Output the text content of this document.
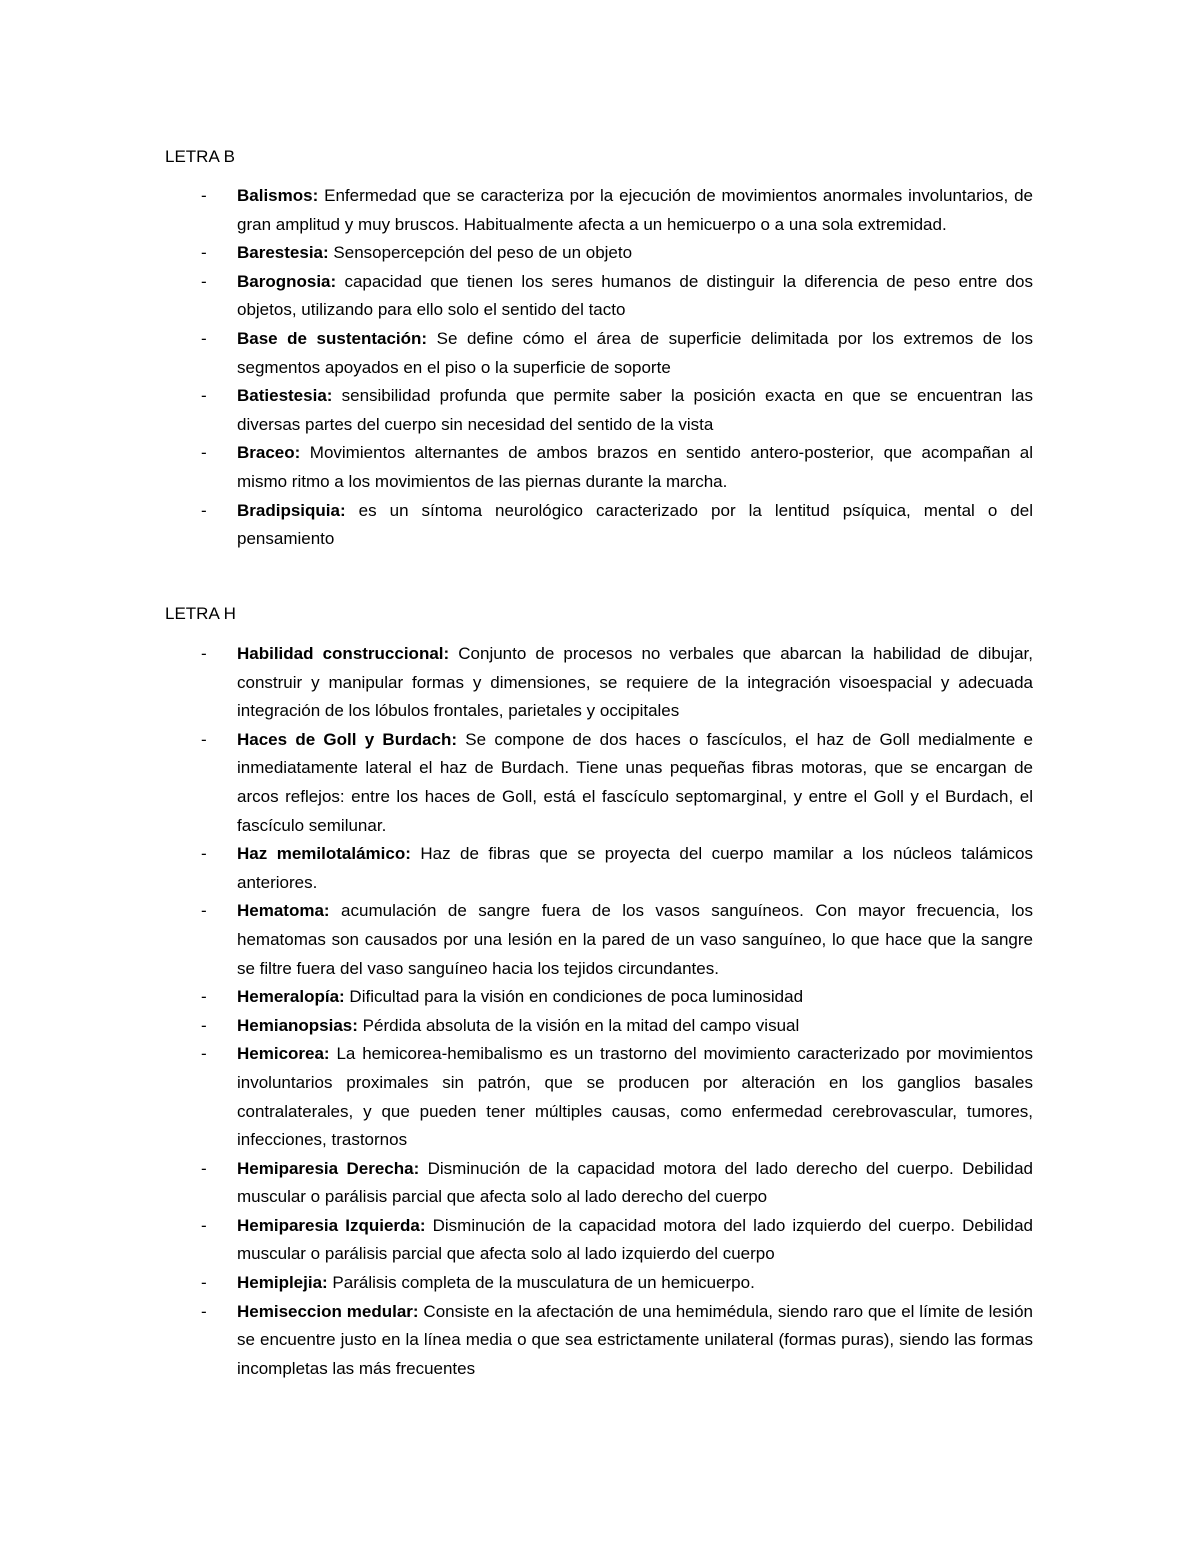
LETRA B
- Balismos: Enfermedad que se caracteriza por la ejecución de movimientos anormales involuntarios, de gran amplitud y muy bruscos. Habitualmente afecta a un hemicuerpo o a una sola extremidad.
- Barestesia: Sensopercepción del peso de un objeto
- Barognosia: capacidad que tienen los seres humanos de distinguir la diferencia de peso entre dos objetos, utilizando para ello solo el sentido del tacto
- Base de sustentación: Se define cómo el área de superficie delimitada por los extremos de los segmentos apoyados en el piso o la superficie de soporte
- Batiestesia: sensibilidad profunda que permite saber la posición exacta en que se encuentran las diversas partes del cuerpo sin necesidad del sentido de la vista
- Braceo: Movimientos alternantes de ambos brazos en sentido antero-posterior, que acompañan al mismo ritmo a los movimientos de las piernas durante la marcha.
- Bradipsiquia: es un síntoma neurológico caracterizado por la lentitud psíquica, mental o del pensamiento
LETRA H
- Habilidad construccional: Conjunto de procesos no verbales que abarcan la habilidad de dibujar, construir y manipular formas y dimensiones, se requiere de la integración visoespacial y adecuada integración de los lóbulos frontales, parietales y occipitales
- Haces de Goll y Burdach: Se compone de dos haces o fascículos, el haz de Goll medialmente e inmediatamente lateral el haz de Burdach. Tiene unas pequeñas fibras motoras, que se encargan de arcos reflejos: entre los haces de Goll, está el fascículo septomarginal, y entre el Goll y el Burdach, el fascículo semilunar.
- Haz memilotalámico: Haz de fibras que se proyecta del cuerpo mamilar a los núcleos talámicos anteriores.
- Hematoma: acumulación de sangre fuera de los vasos sanguíneos. Con mayor frecuencia, los hematomas son causados por una lesión en la pared de un vaso sanguíneo, lo que hace que la sangre se filtre fuera del vaso sanguíneo hacia los tejidos circundantes.
- Hemeralopía: Dificultad para la visión en condiciones de poca luminosidad
- Hemianopsias: Pérdida absoluta de la visión en la mitad del campo visual
- Hemicorea: La hemicorea-hemibalismo es un trastorno del movimiento caracterizado por movimientos involuntarios proximales sin patrón, que se producen por alteración en los ganglios basales contralaterales, y que pueden tener múltiples causas, como enfermedad cerebrovascular, tumores, infecciones, trastornos
- Hemiparesia Derecha: Disminución de la capacidad motora del lado derecho del cuerpo. Debilidad muscular o parálisis parcial que afecta solo al lado derecho del cuerpo
- Hemiparesia Izquierda: Disminución de la capacidad motora del lado izquierdo del cuerpo. Debilidad muscular o parálisis parcial que afecta solo al lado izquierdo del cuerpo
- Hemiplejia: Parálisis completa de la musculatura de un hemicuerpo.
- Hemiseccion medular: Consiste en la afectación de una hemimédula, siendo raro que el límite de lesión se encuentre justo en la línea media o que sea estrictamente unilateral (formas puras), siendo las formas incompletas las más frecuentes
